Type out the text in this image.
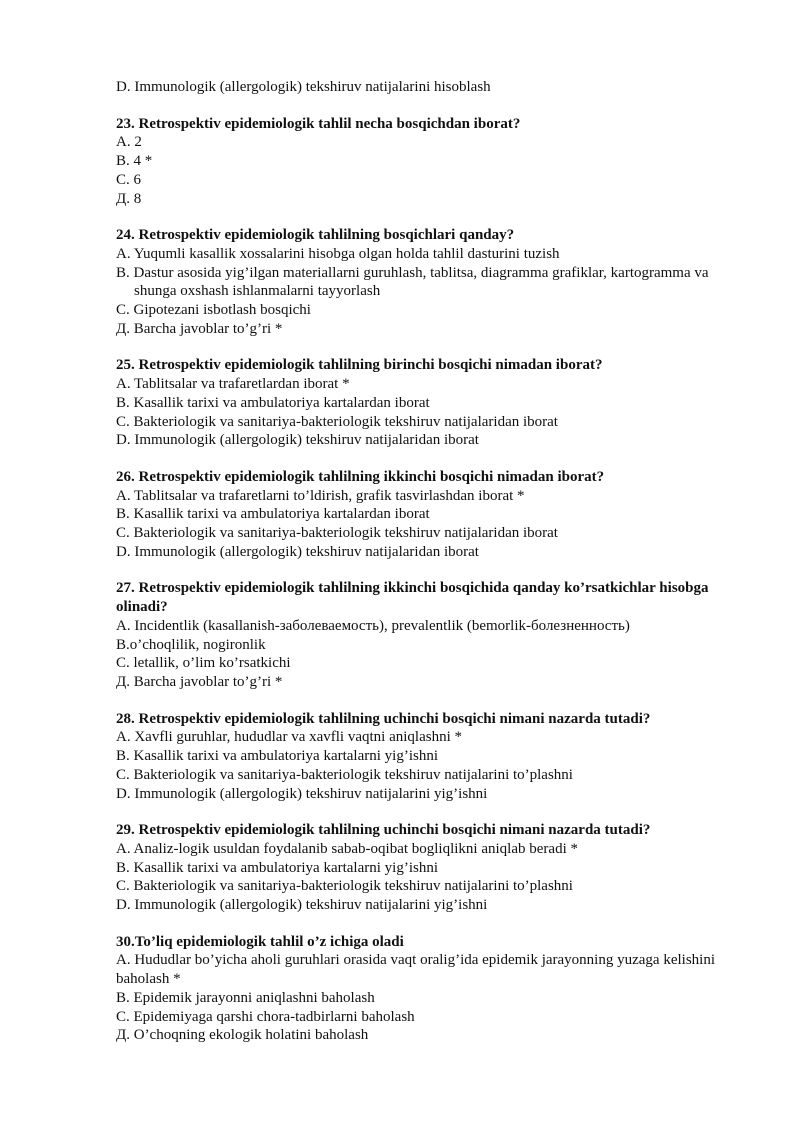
D. Immunologik (allergologik) tekshiruv natijalarini hisoblash

23. Retrospektiv epidemiologik tahlil necha bosqichdan iborat?

A. 2

B. 4 *

C. 6

Д. 8

24. Retrospektiv epidemiologik tahlilning bosqichlari qanday?

A. Yuqumli kasallik xossalarini hisobga olgan holda tahlil dasturini tuzish

B. Dastur asosida yig’ilgan materiallarni guruhlash, tablitsa, diagramma grafiklar, kartogramma va shunga oxshash ishlanmalarni tayyorlash

C. Gipotezani isbotlash bosqichi

Д. Barcha javoblar to’g’ri *

25. Retrospektiv epidemiologik tahlilning birinchi bosqichi nimadan iborat?

A. Tablitsalar va trafaretlardan iborat *

B. Kasallik tarixi va ambulatoriya kartalardan iborat

C. Bakteriologik va sanitariya-bakteriologik tekshiruv natijalaridan iborat

D. Immunologik (allergologik) tekshiruv natijalaridan iborat

26. Retrospektiv epidemiologik tahlilning ikkinchi bosqichi nimadan iborat?

A. Tablitsalar va trafaretlarni to’ldirish, grafik tasvirlashdan iborat *

B. Kasallik tarixi va ambulatoriya kartalardan iborat

C. Bakteriologik va sanitariya-bakteriologik tekshiruv natijalaridan iborat

D. Immunologik (allergologik) tekshiruv natijalaridan iborat

27. Retrospektiv epidemiologik tahlilning ikkinchi bosqichida qanday ko’rsatkichlar hisobga olinadi?

A. Incidentlik (kasallanish-заболеваемость), prevalentlik (bemorlik-болезненность)

B.o’choqlilik, nogironlik

C. letallik, o’lim ko’rsatkichi

Д. Barcha javoblar to’g’ri *

28. Retrospektiv epidemiologik tahlilning uchinchi bosqichi nimani nazarda tutadi?

A. Xavfli guruhlar, hududlar va xavfli vaqtni aniqlashni *

B. Kasallik tarixi va ambulatoriya kartalarni yig’ishni

C. Bakteriologik va sanitariya-bakteriologik tekshiruv natijalarini to’plashni

D. Immunologik (allergologik) tekshiruv natijalarini yig’ishni

29. Retrospektiv epidemiologik tahlilning uchinchi bosqichi nimani nazarda tutadi?

A. Analiz-logik usuldan foydalanib sabab-oqibat bogliqlikni aniqlab beradi *

B. Kasallik tarixi va ambulatoriya kartalarni yig’ishni

C. Bakteriologik va sanitariya-bakteriologik tekshiruv natijalarini to’plashni

D. Immunologik (allergologik) tekshiruv natijalarini yig’ishni

30.To’liq epidemiologik tahlil o’z ichiga oladi

A. Hududlar bo’yicha aholi guruhlari orasida vaqt oralig’ida epidemik jarayonning yuzaga kelishini baholash *

B. Epidemik jarayonni aniqlashni baholash

C. Epidemiyaga qarshi chora-tadbirlarni baholash

Д. O’choqning ekologik holatini baholash
